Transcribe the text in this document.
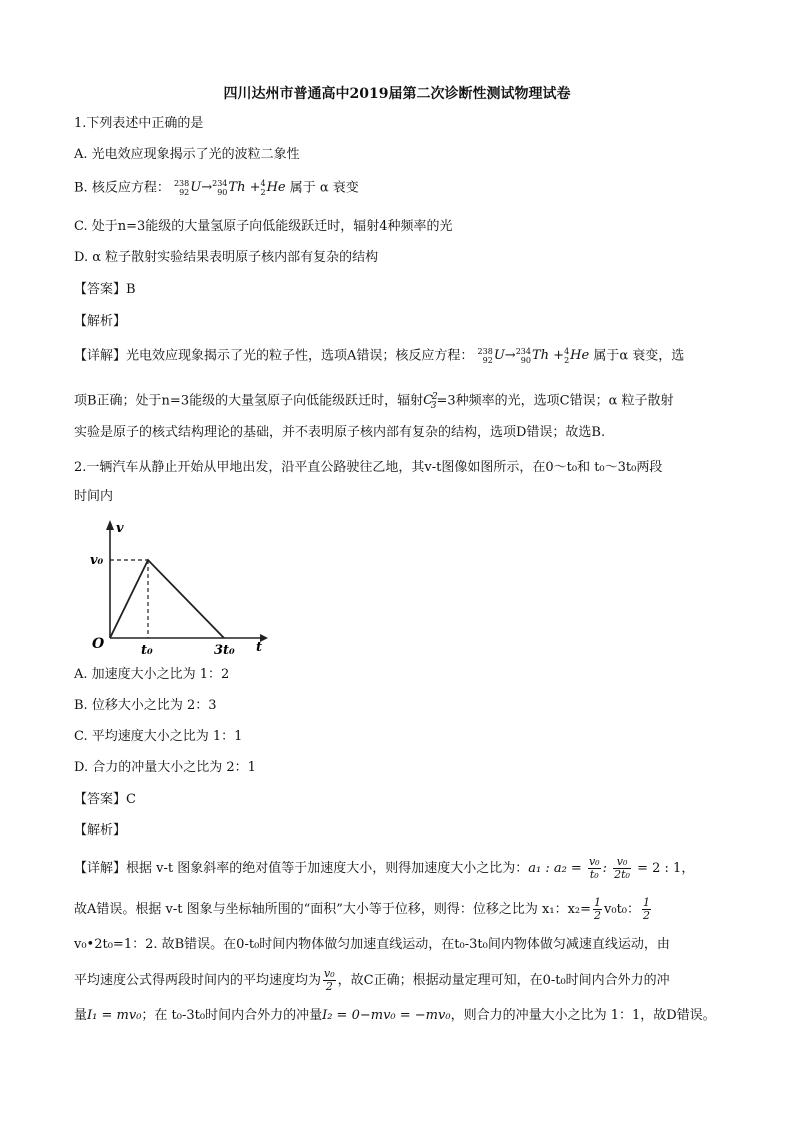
四川达州市普通高中2019届第二次诊断性测试物理试卷
1.下列表述中正确的是
A. 光电效应现象揭示了光的波粒二象性
B. 核反应方程： 238
92 U→ 234
90 Th + 4
2 He 属于 α 衰变
C. 处于n=3能级的大量氢原子向低能级跃迁时，辐射4种频率的光
D. α 粒子散射实验结果表明原子核内部有复杂的结构
【答案】B
【解析】
【详解】光电效应现象揭示了光的粒子性，选项A错误；核反应方程： 238
92 U→ 234
90 Th + 4
2 He 属于α 衰变，选
项B正确；处于n=3能级的大量氢原子向低能级跃迁时，辐射$C^2_3=3$种频率的光，选项C错误；α 粒子散射
实验是原子的核式结构理论的基础，并不表明原子核内部有复杂的结构，选项D错误；故选B.
2.一辆汽车从静止开始从甲地出发，沿平直公路驶往乙地，其v-t图像如图所示，在0～t₀和 t₀～3t₀两段
时间内
v
t
O
v₀
t₀	3t₀
A. 加速度大小之比为 1：2
B. 位移大小之比为 2：3
C. 平均速度大小之比为 1：1
D. 合力的冲量大小之比为 2：1
【答案】C
【解析】
【详解】根据 v-t 图象斜率的绝对值等于加速度大小，则得加速度大小之比为：a₁ : $a_2 = \frac{\text{v₀}}{\text{t₀}}$ : $\frac{\text{v₀}}{\text{2t₀}} = 2$ : 1，
故A错误。根据 v-t 图象与坐标轴所围的“面积”大小等于位移，则得：位移之比为 x₁：$x_2= \frac{1}{2} v_0t_0$： $\frac{1}{2}$
v₀•2t₀=1：2. 故B错误。在0-t₀时间内物体做匀加速直线运动，在t₀-3t₀间内物体做匀减速直线运动，由
平均速度公式得两段时间内的平均速度均为 $\frac{\text{v₀}}{2}$ ，故C正确；根据动量定理可知，在0-t₀时间内合外力的冲
量I₁ = mv₀；在 t₀-3t₀时间内合外力的冲量I₂ = 0−mv₀ = −mv₀，则合力的冲量大小之比为 1：1，故D错误。
